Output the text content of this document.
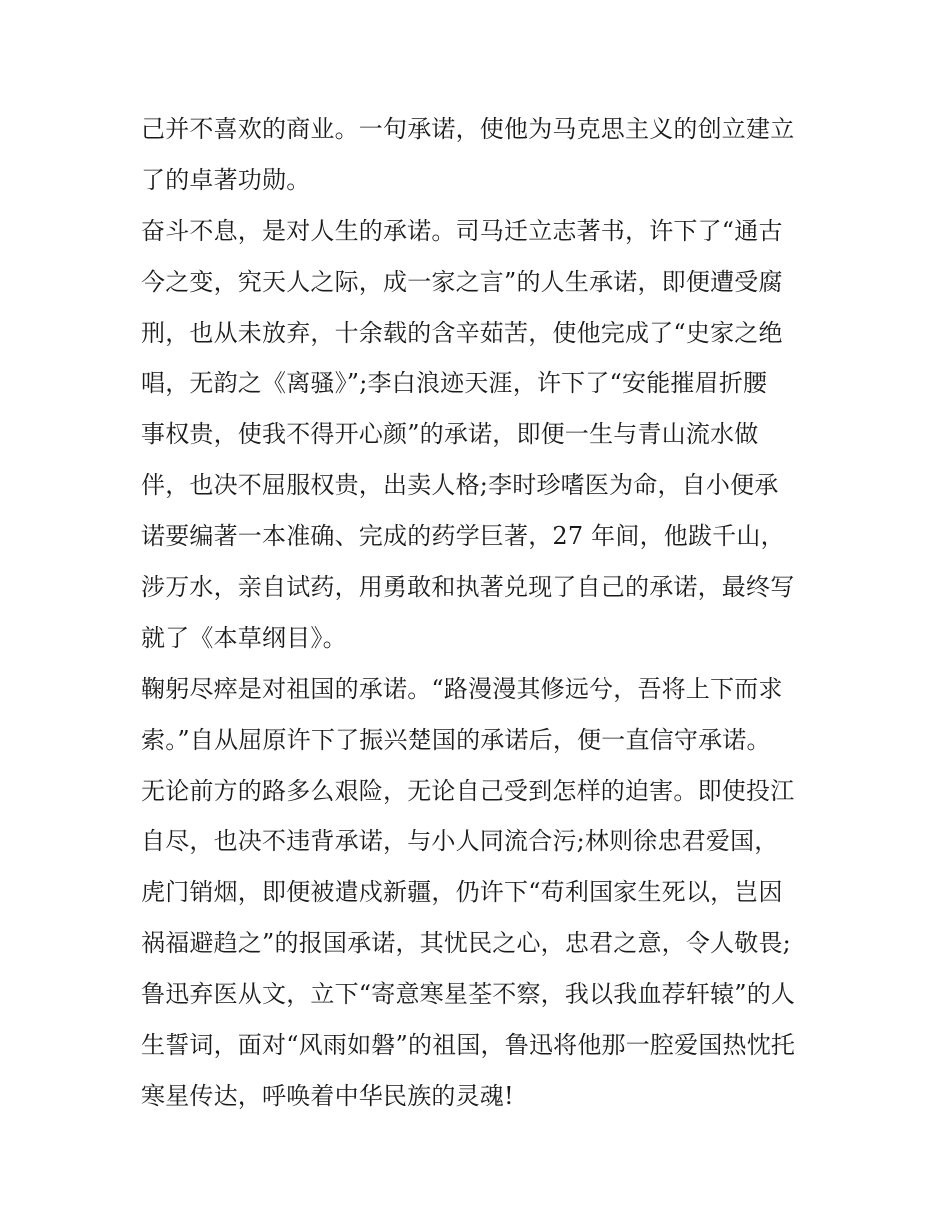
己并不喜欢的商业。一句承诺，使他为马克思主义的创立建立
了的卓著功勋。
奋斗不息，是对人生的承诺。司马迁立志著书，许下了“通古
今之变，究天人之际，成一家之言”的人生承诺，即便遭受腐
刑，也从未放弃，十余载的含辛茹苦，使他完成了“史家之绝
唱，无韵之《离骚》”;李白浪迹天涯，许下了“安能摧眉折腰
事权贵，使我不得开心颜”的承诺，即便一生与青山流水做
伴，也决不屈服权贵，出卖人格;李时珍嗜医为命，自小便承
诺要编著一本准确、完成的药学巨著，27 年间，他跋千山，
涉万水，亲自试药，用勇敢和执著兑现了自己的承诺，最终写
就了《本草纲目》。
鞠躬尽瘁是对祖国的承诺。“路漫漫其修远兮，吾将上下而求
索。”自从屈原许下了振兴楚国的承诺后，便一直信守承诺。
无论前方的路多么艰险，无论自己受到怎样的迫害。即使投江
自尽，也决不违背承诺，与小人同流合污;林则徐忠君爱国，
虎门销烟，即便被遣戍新疆，仍许下“苟利国家生死以，岂因
祸福避趋之”的报国承诺，其忧民之心，忠君之意，令人敬畏;
鲁迅弃医从文，立下“寄意寒星荃不察，我以我血荐轩辕”的人
生誓词，面对“风雨如磐”的祖国，鲁迅将他那一腔爱国热忱托
寒星传达，呼唤着中华民族的灵魂!
